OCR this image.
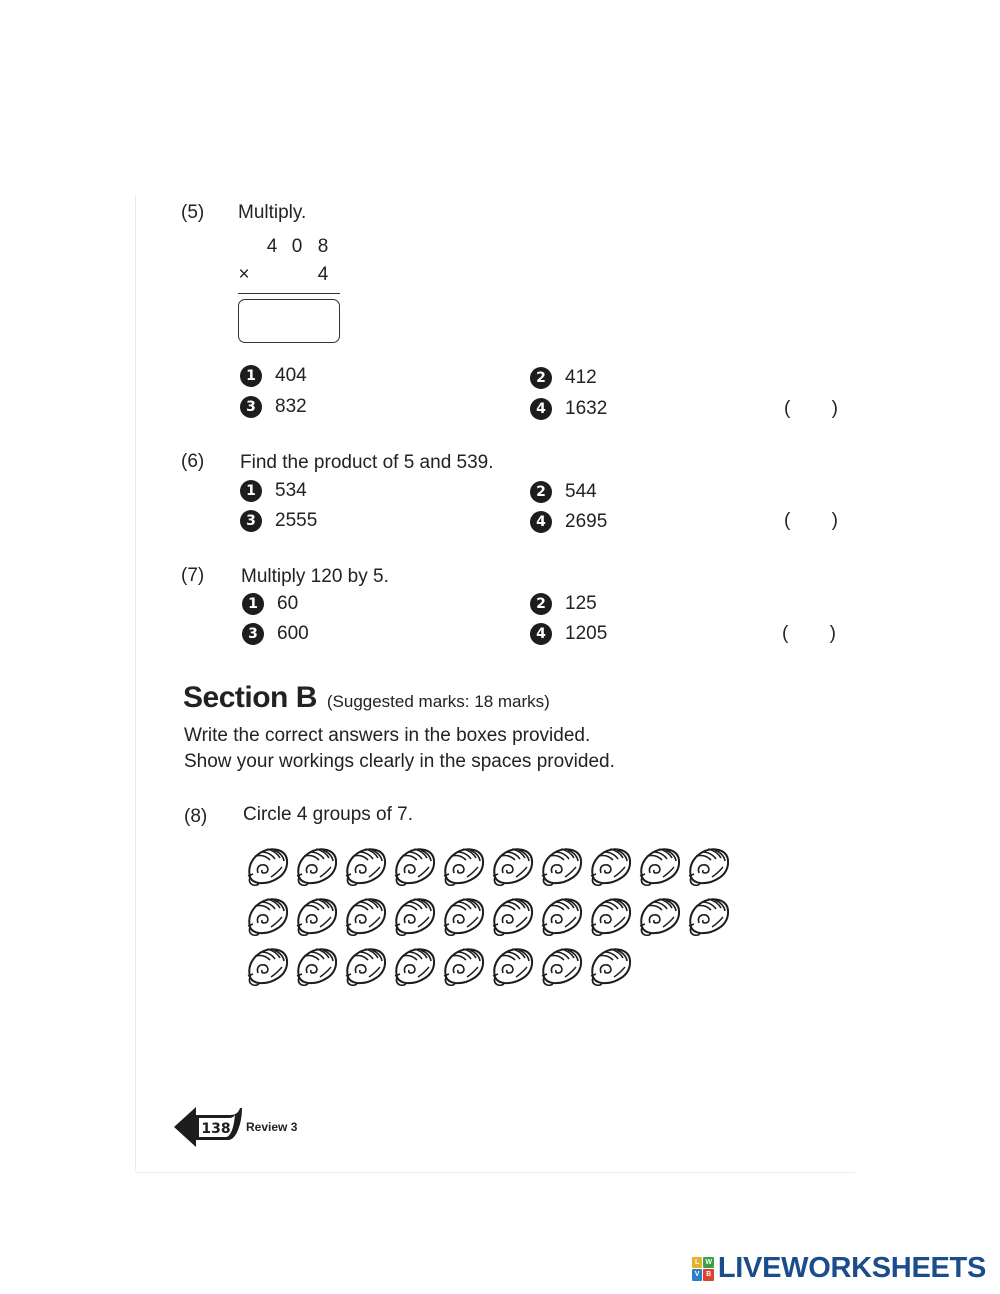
(5) Multiply.
4 0 8
×	4
1	404	2	412
3	832	4	1632	( )
(6) Find the product of 5 and 539.
1	534	2	544
3	2555	4	2695	( )
(7) Multiply 120 by 5.
1	60	2	125
3	600	4	1205	( )
Section B (Suggested marks: 18 marks)
Write the correct answers in the boxes provided.
Show your workings clearly in the spaces provided.
(8) Circle 4 groups of 7.
138 Review 3
L W
V B LIVEWORKSHEETS
